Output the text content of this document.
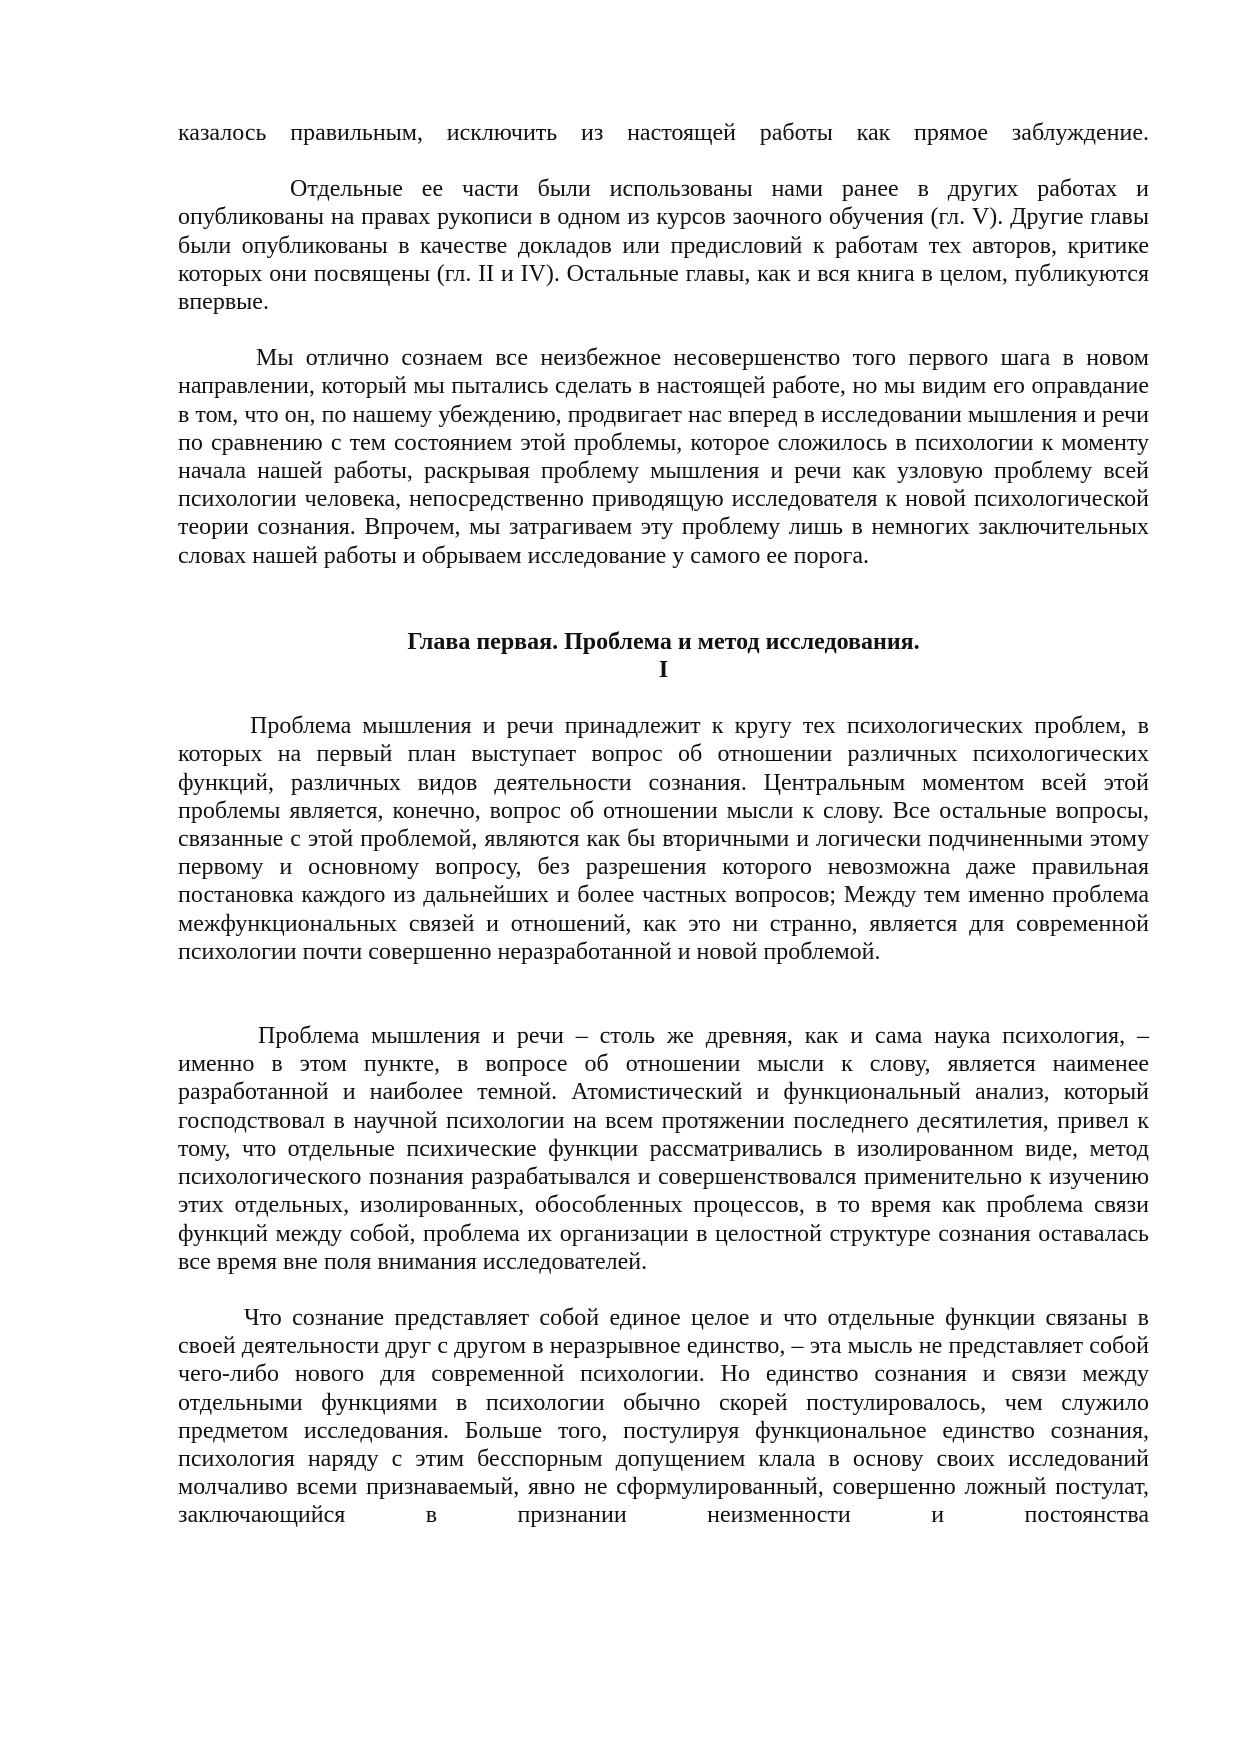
казалось правильным, исключить из настоящей работы как прямое заблуждение.

Отдельные ее части были использованы нами ранее в других работах и опубликованы на правах рукописи в одном из курсов заочного обучения (гл. V). Другие главы были опубликованы в качестве докладов или предисловий к работам тех авторов, критике которых они посвящены (гл. II и IV). Остальные главы, как и вся книга в целом, публикуются впервые.

Мы отлично сознаем все неизбежное несовершенство того первого шага в новом направлении, который мы пытались сделать в настоящей работе, но мы видим его оправдание в том, что он, по нашему убеждению, продвигает нас вперед в исследовании мышления и речи по сравнению с тем состоянием этой проблемы, которое сложилось в психологии к моменту начала нашей работы, раскрывая проблему мышления и речи как узловую проблему всей психологии человека, непосредственно приводящую исследователя к новой психологической теории сознания. Впрочем, мы затрагиваем эту проблему лишь в немногих заключительных словах нашей работы и обрываем исследование у самого ее порога.

Глава первая. Проблема и метод исследования.
I

Проблема мышления и речи принадлежит к кругу тех психологических проблем, в которых на первый план выступает вопрос об отношении различных психологических функций, различных видов деятельности сознания. Центральным моментом всей этой проблемы является, конечно, вопрос об отношении мысли к слову. Все остальные вопросы, связанные с этой проблемой, являются как бы вторичными и логически подчиненными этому первому и основному вопросу, без разрешения которого невозможна даже правильная постановка каждого из дальнейших и более частных вопросов; Между тем именно проблема межфункциональных связей и отношений, как это ни странно, является для современной психологии почти совершенно неразработанной и новой проблемой.

Проблема мышления и речи – столь же древняя, как и сама наука психология, – именно в этом пункте, в вопросе об отношении мысли к слову, является наименее разработанной и наиболее темной. Атомистический и функциональный анализ, который господствовал в научной психологии на всем протяжении последнего десятилетия, привел к тому, что отдельные психические функции рассматривались в изолированном виде, метод психологического познания разрабатывался и совершенствовался применительно к изучению этих отдельных, изолированных, обособленных процессов, в то время как проблема связи функций между собой, проблема их организации в целостной структуре сознания оставалась все время вне поля внимания исследователей.

Что сознание представляет собой единое целое и что отдельные функции связаны в своей деятельности друг с другом в неразрывное единство, – эта мысль не представляет собой чего-либо нового для современной психологии. Но единство сознания и связи между отдельными функциями в психологии обычно скорей постулировалось, чем служило предметом исследования. Больше того, постулируя функциональное единство сознания, психология наряду с этим бесспорным допущением клала в основу своих исследований молчаливо всеми признаваемый, явно не сформулированный, совершенно ложный постулат, заключающийся в признании неизменности и постоянства
